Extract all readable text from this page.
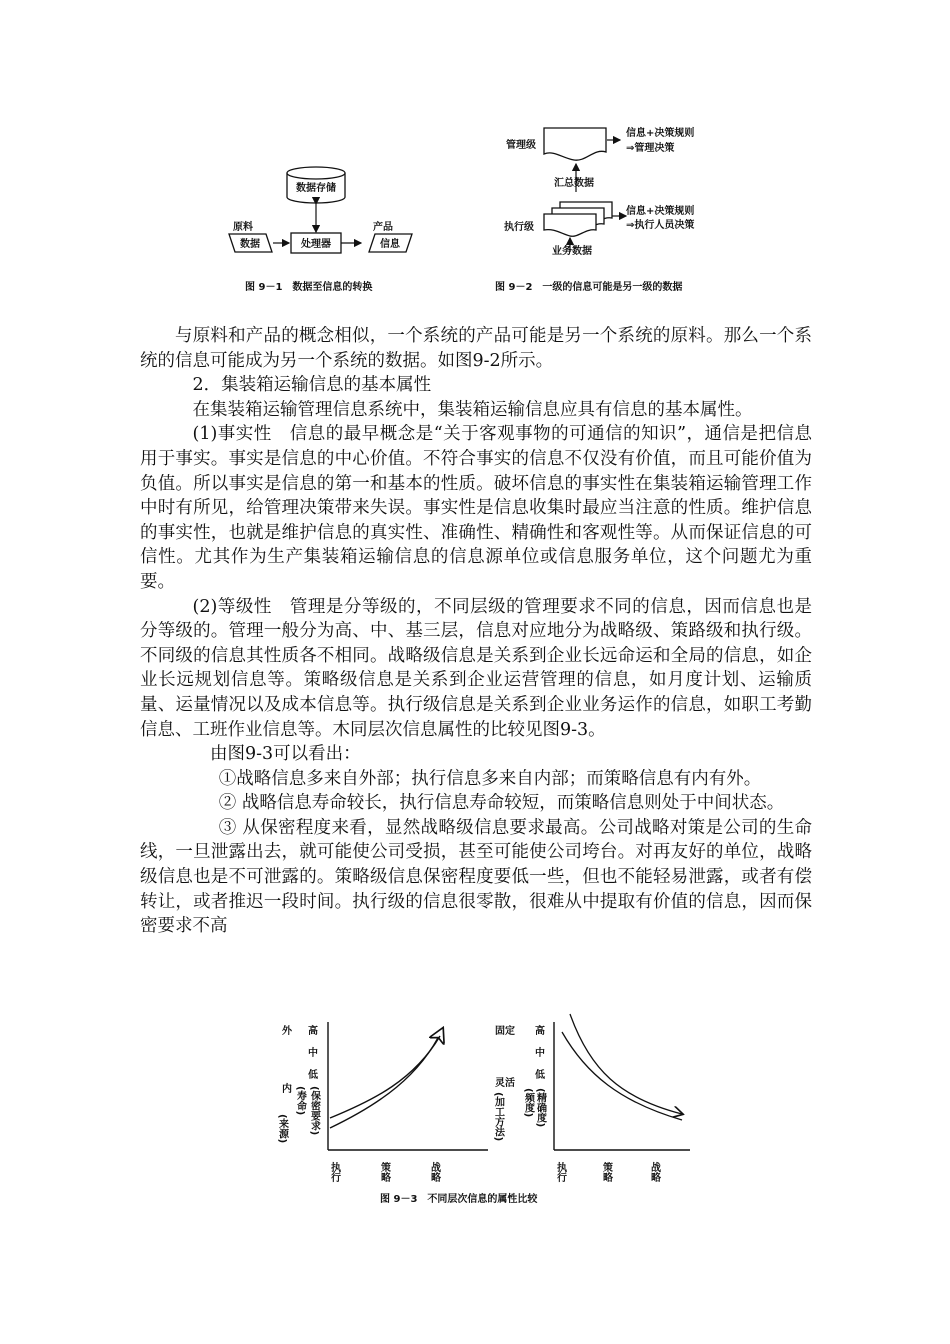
数据存储
原料
数据	处理器
产品
信息
图 9－1　数据至信息的转换
管理级
信息+决策规则
⇒管理决策
汇总数据
执行级
信息+决策规则
⇒执行人员决策
业务数据
图 9－2　一级的信息可能是另一级的数据

与原料和产品的概念相似，一个系统的产品可能是另一个系统的原料。那么一个系统的信息可能成为另一个系统的数据。如图9-2所示。

2．集装箱运输信息的基本属性

在集装箱运输管理信息系统中，集装箱运输信息应具有信息的基本属性。

(1)事实性　信息的最早概念是“关于客观事物的可通信的知识”，通信是把信息用于事实。事实是信息的中心价值。不符合事实的信息不仅没有价值，而且可能价值为负值。所以事实是信息的第一和基本的性质。破坏信息的事实性在集装箱运输管理工作中时有所见，给管理决策带来失误。事实性是信息收集时最应当注意的性质。维护信息的事实性，也就是维护信息的真实性、准确性、精确性和客观性等。从而保证信息的可信性。尤其作为生产集装箱运输信息的信息源单位或信息服务单位，这个问题尤为重要。

(2)等级性　管理是分等级的，不同层级的管理要求不同的信息，因而信息也是分等级的。管理一般分为高、中、基三层，信息对应地分为战略级、策路级和执行级。不同级的信息其性质各不相同。战略级信息是关系到企业长远命运和全局的信息，如企业长远规划信息等。策略级信息是关系到企业运营管理的信息，如月度计划、运输质量、运量情况以及成本信息等。执行级信息是关系到企业业务运作的信息，如职工考勤信息、工班作业信息等。木同层次信息属性的比较见图9-3。

由图9-3可以看出：

①战略信息多来自外部；执行信息多来自内部；而策略信息有内有外。

② 战略信息寿命较长，执行信息寿命较短，而策略信息则处于中间状态。

③ 从保密程度来看，显然战略级信息要求最高。公司战略对策是公司的生命线，一旦泄露出去，就可能使公司受损，甚至可能使公司垮台。对再友好的单位，战略级信息也是不可泄露的。策略级信息保密程度要低一些，但也不能轻易泄露，或者有偿转让，或者推迟一段时间。执行级的信息很零散，很难从中提取有价值的信息，因而保密要求不高

外
内
(来源)
高
中
低
(寿命) (保密要求)
执行	策略	战略
固定
灵活
(加工方法)
高
中
低
(频度) (精确度)
执行	策略	战略
图 9－3　不同层次信息的属性比较
